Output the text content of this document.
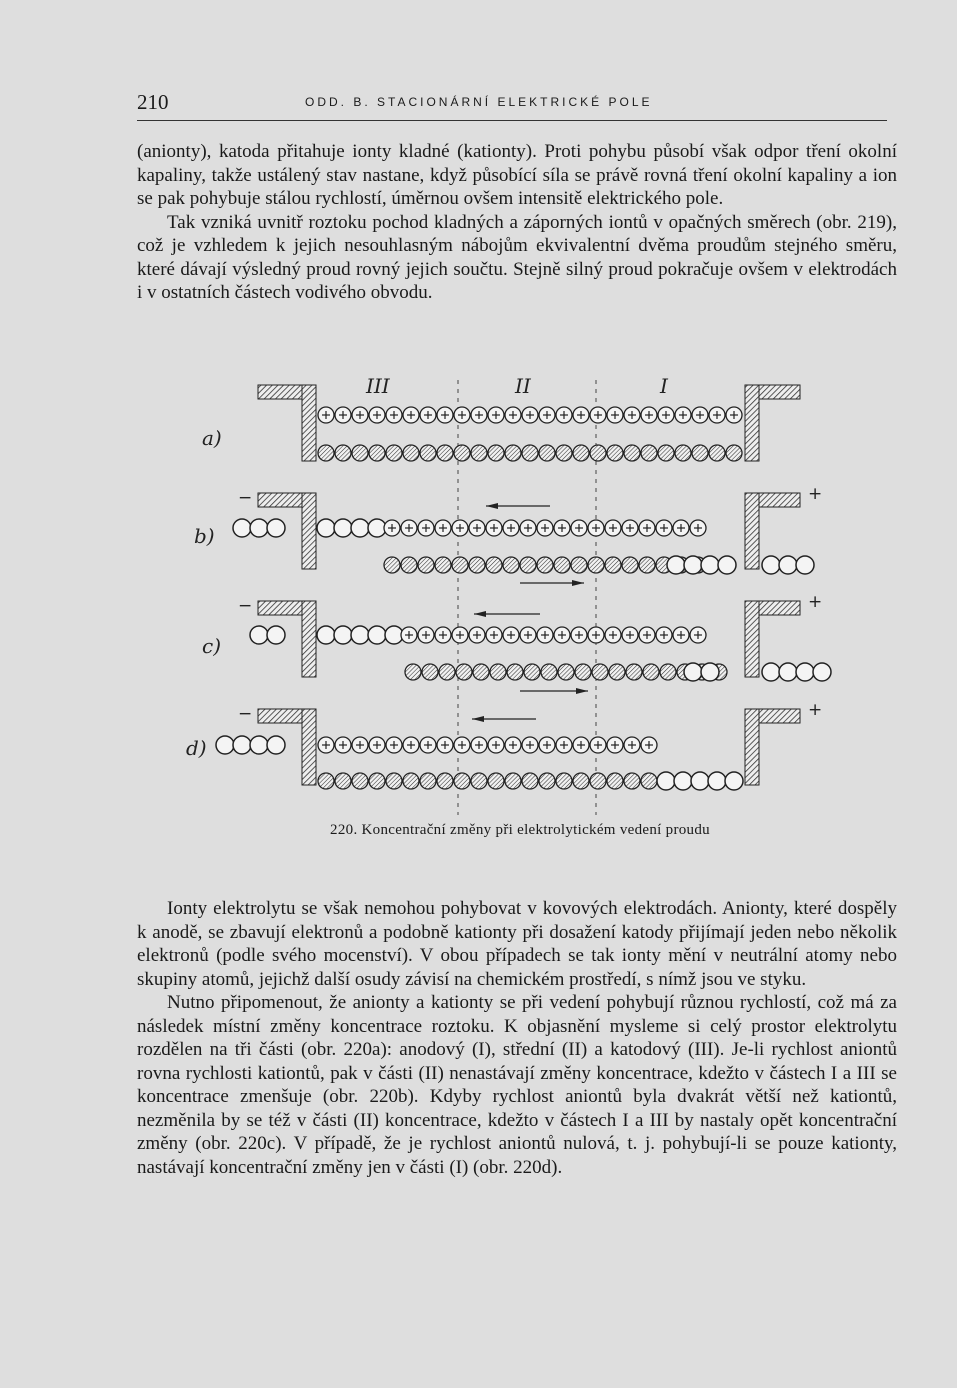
210	ODD. B. STACIONÁRNÍ ELEKTRICKÉ POLE

(anionty), katoda přitahuje ionty kladné (kationty). Proti pohybu působí však odpor tření okolní kapaliny, takže ustálený stav nastane, když působící síla se právě rovná tření okolní kapaliny a ion se pak pohybuje stálou rychlostí, úměrnou ovšem intensitě elektrického pole.

Tak vzniká uvnitř roztoku pochod kladných a záporných iontů v opačných směrech (obr. 219), což je vzhledem k jejich nesouhlasným nábojům ekvivalentní dvěma proudům stejného směru, které dávají výsledný proud rovný jejich součtu. Stejně silný proud pokračuje ovšem v elektrodách i v ostatních částech vodivého obvodu.

III	II	I
a)
b)
c)
d)
−	+
−	+
−	+
220. Koncentrační změny při elektrolytickém vedení proudu

Ionty elektrolytu se však nemohou pohybovat v kovových elektrodách. Anionty, které dospěly k anodě, se zbavují elektronů a podobně kationty při dosažení katody přijímají jeden nebo několik elektronů (podle svého mocenství). V obou případech se tak ionty mění v neutrální atomy nebo skupiny atomů, jejichž další osudy závisí na chemickém prostředí, s nímž jsou ve styku.

Nutno připomenout, že anionty a kationty se při vedení pohybují různou rychlostí, což má za následek místní změny koncentrace roztoku. K objasnění mysleme si celý prostor elektrolytu rozdělen na tři části (obr. 220a): anodový (I), střední (II) a katodový (III). Je-li rychlost aniontů rovna rychlosti kationtů, pak v části (II) nenastávají změny koncentrace, kdežto v částech I a III se koncentrace zmenšuje (obr. 220b). Kdyby rychlost aniontů byla dvakrát větší než kationtů, nezměnila by se též v části (II) koncentrace, kdežto v částech I a III by nastaly opět koncentrační změny (obr. 220c). V případě, že je rychlost aniontů nulová, t. j. pohybují-li se pouze kationty, nastávají koncentrační změny jen v části (I) (obr. 220d).
